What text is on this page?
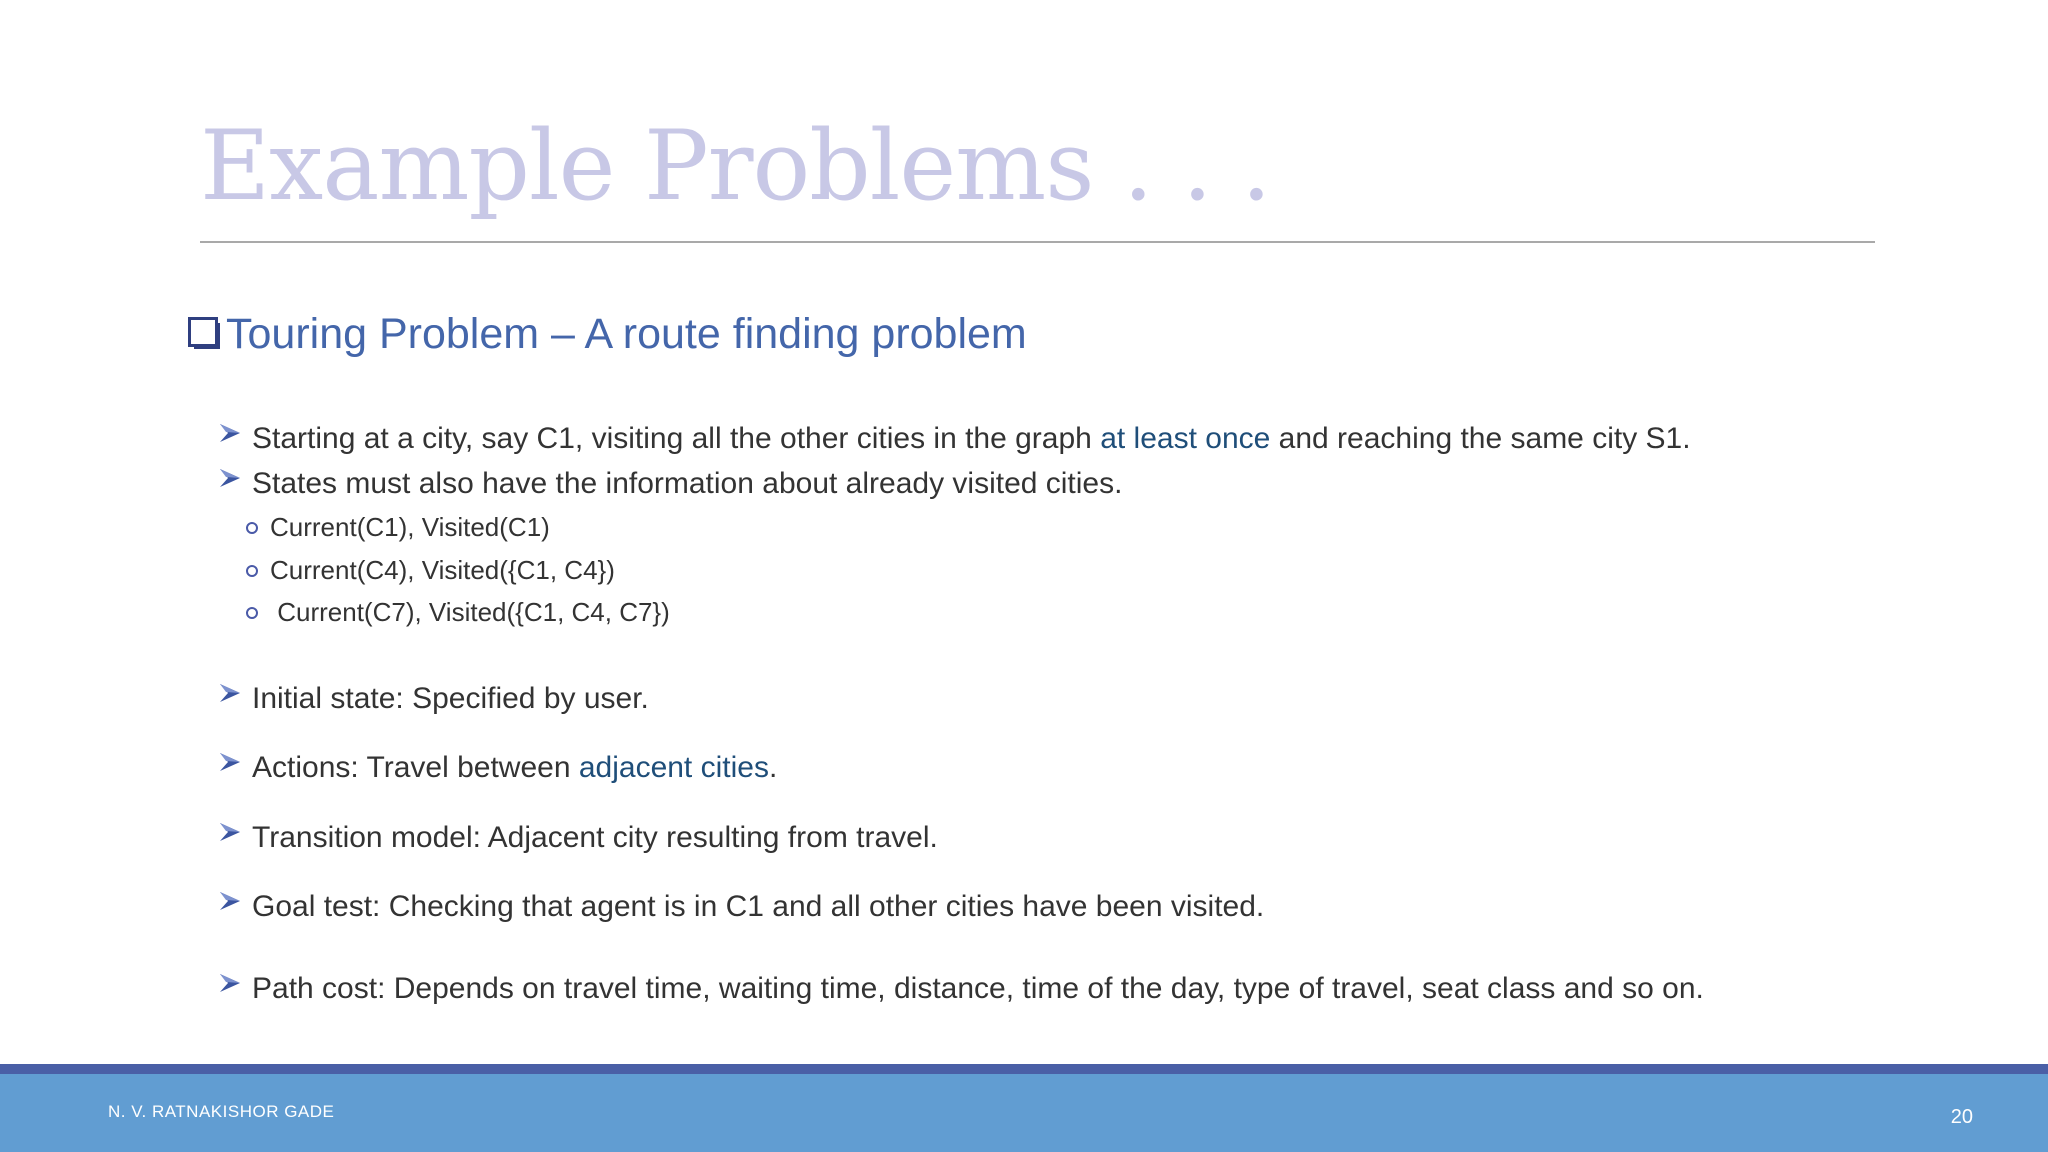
Example Problems . . .
Touring Problem – A route finding problem
Starting at a city, say C1, visiting all the other cities in the graph at least once and reaching the same city S1.
States must also have the information about already visited cities.
Current(C1), Visited(C1)
Current(C4), Visited({C1, C4})
Current(C7), Visited({C1, C4, C7})
Initial state: Specified by user.
Actions: Travel between adjacent cities.
Transition model: Adjacent city resulting from travel.
Goal test: Checking that agent is in C1 and all other cities have been visited.
Path cost: Depends on travel time, waiting time, distance, time of the day, type of travel, seat class and so on.
N. V. RATNAKISHOR GADE	20
